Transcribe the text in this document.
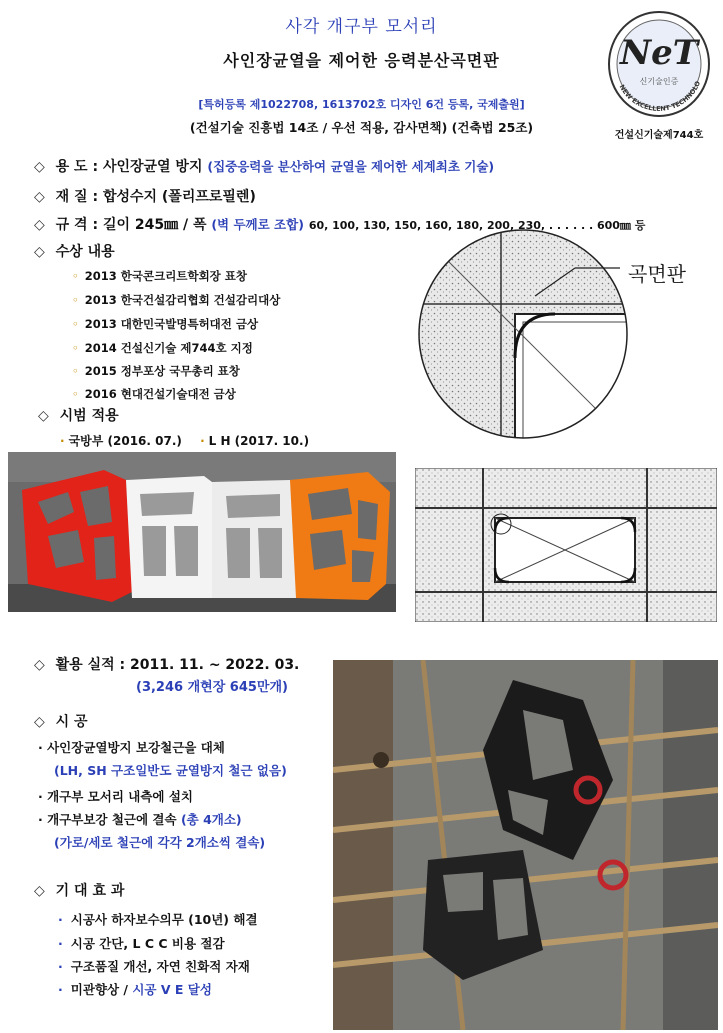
사각 개구부 모서리
사인장균열을 제어한 응력분산곡면판
[특허등록 제1022708, 1613702호 디자인 6건 등록, 국제출원]
(건설기술 진흥법 14조 / 우선 적용, 감사면책) (건축법 25조)
NeT
신기술인증
NEW EXCELLENT TECHNOLO
건설신기술제744호
◇ 용 도 : 사인장균열 방지 (집중응력을 분산하여 균열을 제어한 세계최초 기술)
◇ 재 질 : 합성수지 (폴리프로필렌)
◇ 규 격 : 길이 245㎜ / 폭 (벽 두께로 조합) 60, 100, 130, 150, 160, 180, 200, 230, . . . . . . 600㎜ 등
◇ 수상 내용
◦ 2013 한국콘크리트학회장 표창
◦ 2013 한국건설감리협회 건설감리대상
◦ 2013 대한민국발명특허대전 금상
◦ 2014 건설신기술 제744호 지정
◦ 2015 정부포상 국무총리 표창
◦ 2016 현대건설기술대전 금상
◇ 시범 적용
· 국방부 (2016. 07.) · L H (2017. 10.)
곡면판
◇ 활용 실적 : 2011. 11. ~ 2022. 03.
(3,246 개현장 645만개)
◇ 시 공
· 사인장균열방지 보강철근을 대체
(LH, SH 구조일반도 균열방지 철근 없음)
· 개구부 모서리 내측에 설치
· 개구부보강 철근에 결속 (총 4개소)
(가로/세로 철근에 각각 2개소씩 결속)
◇ 기 대 효 과
· 시공사 하자보수의무 (10년) 해결
· 시공 간단, L C C 비용 절감
· 구조품질 개선, 자연 친화적 자재
· 미관향상 / 시공 V E 달성
